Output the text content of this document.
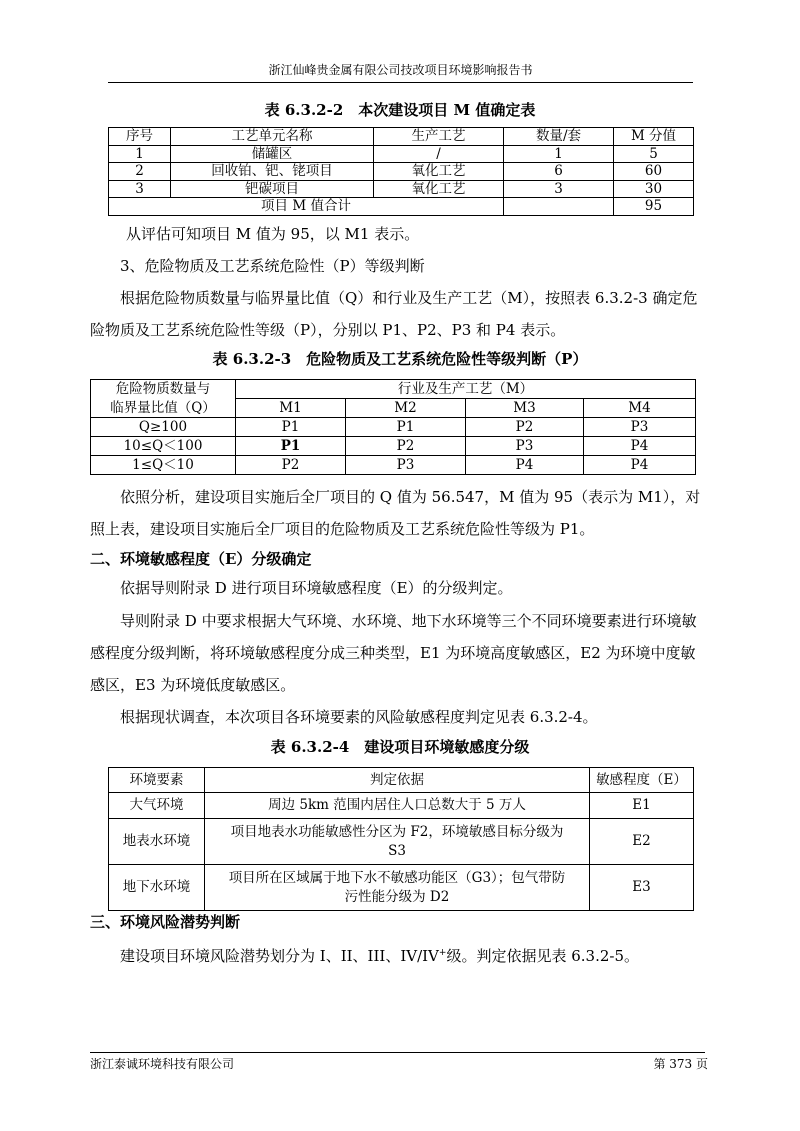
浙江仙峰贵金属有限公司技改项目环境影响报告书
表 6.3.2-2　本次建设项目 M 值确定表
序号	工艺单元名称	生产工艺	数量/套	M 分值
1	储罐区	/	1	5
2	回收铂、钯、铑项目	氧化工艺	6	60
3	钯碳项目	氧化工艺	3	30
项目 M 值合计				95

从评估可知项目 M 值为 95，以 M1 表示。

3、危险物质及工艺系统危险性（P）等级判断

根据危险物质数量与临界量比值（Q）和行业及生产工艺（M），按照表 6.3.2-3 确定危险物质及工艺系统危险性等级（P），分别以 P1、P2、P3 和 P4 表示。

表 6.3.2-3　危险物质及工艺系统危险性等级判断（P）
危险物质数量与	行业及生产工艺（M）			
临界量比值（Q）	M1	M2	M3	M4
Q≥100	P1	P1	P2	P3
10≤Q＜100	P1	P2	P3	P4
1≤Q＜10	P2	P3	P4	P4

依照分析，建设项目实施后全厂项目的 Q 值为 56.547，M 值为 95（表示为 M1），对照上表，建设项目实施后全厂项目的危险物质及工艺系统危险性等级为 P1。

二、环境敏感程度（E）分级确定

依据导则附录 D 进行项目环境敏感程度（E）的分级判定。

导则附录 D 中要求根据大气环境、水环境、地下水环境等三个不同环境要素进行环境敏感程度分级判断，将环境敏感程度分成三种类型，E1 为环境高度敏感区，E2 为环境中度敏感区，E3 为环境低度敏感区。

根据现状调查，本次项目各环境要素的风险敏感程度判定见表 6.3.2-4。

表 6.3.2-4　建设项目环境敏感度分级
环境要素	判定依据	敏感程度（E）
大气环境	周边 5km 范围内居住人口总数大于 5 万人	E1
地表水环境	项目地表水功能敏感性分区为 F2，环境敏感目标分级为 S3	E2
地下水环境	项目所在区域属于地下水不敏感功能区（G3）；包气带防污性能分级为 D2	E3

三、环境风险潜势判断

建设项目环境风险潜势划分为 I、II、III、IV/IV+级。判定依据见表 6.3.2-5。

浙江泰诚环境科技有限公司	第 373 页
